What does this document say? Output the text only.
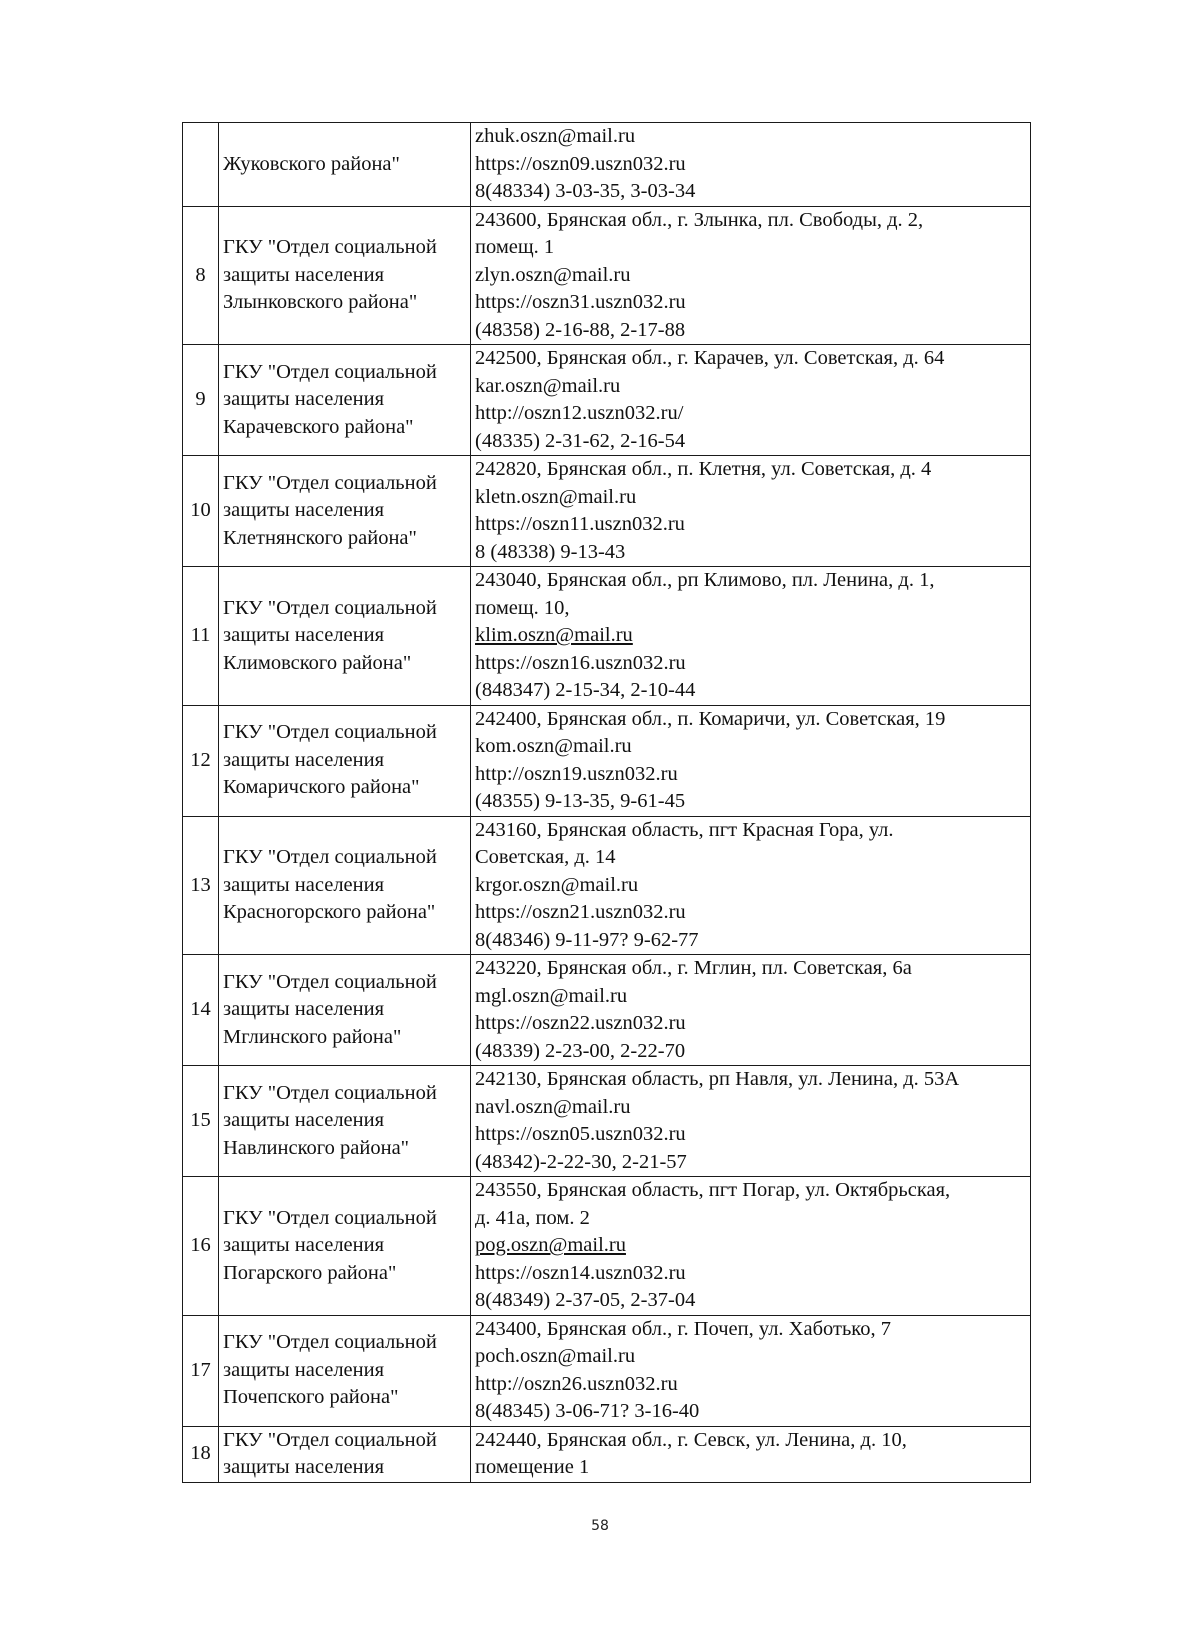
	Жуковского района"	zhuk.oszn@mail.ru
https://oszn09.uszn032.ru
8(48334) 3-03-35, 3-03-34

8	ГКУ "Отдел социальной
защиты населения
Злынковского района"	243600, Брянская обл., г. Злынка, пл. Свободы, д. 2,
помещ. 1
zlyn.oszn@mail.ru
https://oszn31.uszn032.ru
(48358) 2-16-88, 2-17-88

9	ГКУ "Отдел социальной
защиты населения
Карачевского района"	242500, Брянская обл., г. Карачев, ул. Советская, д. 64
kar.oszn@mail.ru
http://oszn12.uszn032.ru/
(48335) 2-31-62, 2-16-54

10	ГКУ "Отдел социальной
защиты населения
Клетнянского района"	242820, Брянская обл., п. Клетня, ул. Советская, д. 4
kletn.oszn@mail.ru
https://oszn11.uszn032.ru
8 (48338) 9-13-43

11	ГКУ "Отдел социальной
защиты населения
Климовского района"	243040, Брянская обл., рп Климово, пл. Ленина, д. 1,
помещ. 10,
klim.oszn@mail.ru
https://oszn16.uszn032.ru
(848347) 2-15-34, 2-10-44

12	ГКУ "Отдел социальной
защиты населения
Комаричского района"	242400, Брянская обл., п. Комаричи, ул. Советская, 19
kom.oszn@mail.ru
http://oszn19.uszn032.ru
(48355) 9-13-35, 9-61-45

13	ГКУ "Отдел социальной
защиты населения
Красногорского района"	243160, Брянская область, пгт Красная Гора, ул.
Советская, д. 14
krgor.oszn@mail.ru
https://oszn21.uszn032.ru
8(48346) 9-11-97? 9-62-77

14	ГКУ "Отдел социальной
защиты населения
Мглинского района"	243220, Брянская обл., г. Мглин, пл. Советская, 6а
mgl.oszn@mail.ru
https://oszn22.uszn032.ru
(48339) 2-23-00, 2-22-70

15	ГКУ "Отдел социальной
защиты населения
Навлинского района"	242130, Брянская область, рп Навля, ул. Ленина, д. 53А
navl.oszn@mail.ru
https://oszn05.uszn032.ru
(48342)-2-22-30, 2-21-57

16	ГКУ "Отдел социальной
защиты населения
Погарского района"	243550, Брянская область, пгт Погар, ул. Октябрьская,
д. 41а, пом. 2
pog.oszn@mail.ru
https://oszn14.uszn032.ru
8(48349) 2-37-05, 2-37-04

17	ГКУ "Отдел социальной
защиты населения
Почепского района"	243400, Брянская обл., г. Почеп, ул. Хаботько, 7
poch.oszn@mail.ru
http://oszn26.uszn032.ru
8(48345) 3-06-71? 3-16-40

18	ГКУ "Отдел социальной
защиты населения	242440, Брянская обл., г. Севск, ул. Ленина, д. 10,
помещение 1
58
